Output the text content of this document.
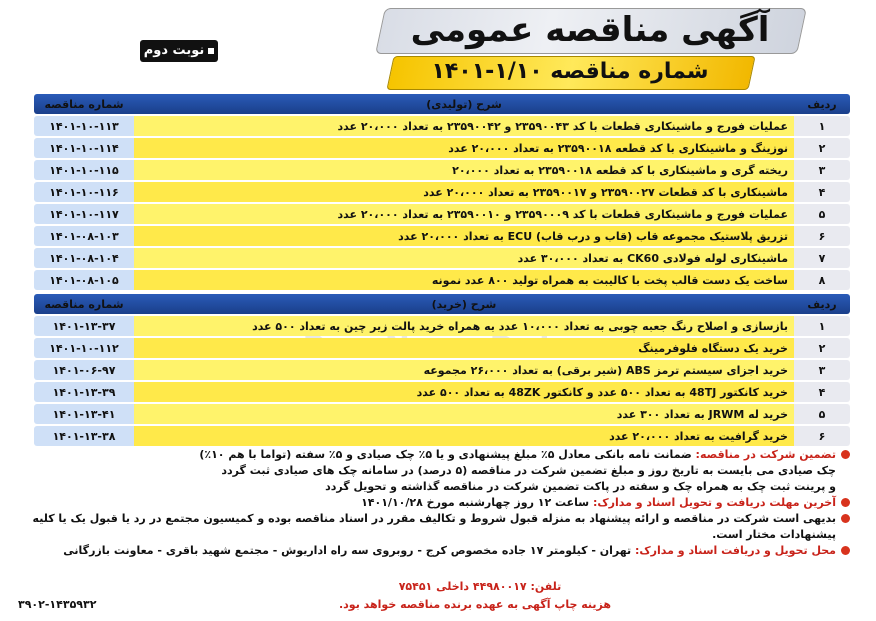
آگهی مناقصه عمومی
شماره مناقصه ۱/۱۰-۱۴۰۱
نوبت دوم
ردیف	شرح (تولیدی)	شماره مناقصه
۱	عملیات فورج و ماشینکاری قطعات با کد ۲۳۵۹۰۰۴۳ و ۲۳۵۹۰۰۴۲ به تعداد ۲۰،۰۰۰ عدد	۱۴۰۱-۱۰-۱۱۳
۲	نوزینگ و ماشینکاری با کد قطعه ۲۳۵۹۰۰۱۸ به تعداد ۲۰،۰۰۰ عدد	۱۴۰۱-۱۰-۱۱۴
۳	ریخته گری و ماشینکاری با کد قطعه ۲۳۵۹۰۰۱۸ به تعداد ۲۰،۰۰۰	۱۴۰۱-۱۰-۱۱۵
۴	ماشینکاری با کد قطعات ۲۳۵۹۰۰۲۷ و ۲۳۵۹۰۰۱۷ به تعداد ۲۰،۰۰۰ عدد	۱۴۰۱-۱۰-۱۱۶
۵	عملیات فورج و ماشینکاری قطعات با کد ۲۳۵۹۰۰۰۹ و ۲۳۵۹۰۰۱۰ به تعداد ۲۰،۰۰۰ عدد	۱۴۰۱-۱۰-۱۱۷
۶	تزریق پلاستیک مجموعه قاب (قاب و درب قاب) ECU به تعداد ۲۰،۰۰۰ عدد	۱۴۰۱-۰۸-۱۰۳
۷	ماشینکاری لوله فولادی CK60 به تعداد ۳۰،۰۰۰ عدد	۱۴۰۱-۰۸-۱۰۴
۸	ساخت یک دست قالب پخت با کالیبت به همراه تولید ۸۰۰ عدد نمونه	۱۴۰۱-۰۸-۱۰۵
ردیف	شرح (خرید)	شماره مناقصه
۱	بازسازی و اصلاح رنگ جعبه چوبی به تعداد ۱۰،۰۰۰ عدد به همراه خرید پالت زیر چین به تعداد ۵۰۰ عدد	۱۴۰۱-۱۳-۳۷
۲	خرید یک دستگاه فلوفرمینگ	۱۴۰۱-۱۰-۱۱۲
۳	خرید اجزای سیستم ترمز ABS (شیر برقی) به تعداد ۲۶،۰۰۰ مجموعه	۱۴۰۱-۰۶-۹۷
۴	خرید کانکتور 48TJ به تعداد ۵۰۰ عدد و کانکتور 48ZK به تعداد ۵۰۰ عدد	۱۴۰۱-۱۳-۳۹
۵	خرید له JRWM به تعداد ۳۰۰ عدد	۱۴۰۱-۱۳-۴۱
۶	خرید گرافیت به تعداد ۲۰،۰۰۰ عدد	۱۴۰۱-۱۳-۳۸
تضمین شرکت در مناقصه: ضمانت نامه بانکی معادل ۵٪ مبلغ پیشنهادی و یا ۵٪ چک صیادی و ۵٪ سفته (تواما با هم ۱۰٪)
چک صیادی می بایست به تاریخ روز و مبلغ تضمین شرکت در مناقصه (۵ درصد) در سامانه چک های صیادی ثبت گردد
و پرینت ثبت چک به همراه چک و سفته در پاکت تضمین شرکت در مناقصه گذاشته و تحویل گردد
آخرین مهلت دریافت و تحویل اسناد و مدارک: ساعت ۱۲ روز چهارشنبه مورخ ۱۴۰۱/۱۰/۲۸
بدیهی است شرکت در مناقصه و ارائه پیشنهاد به منزله قبول شروط و تکالیف مقرر در اسناد مناقصه بوده و کمیسیون مجتمع در رد یا قبول یک یا کلیه پیشنهادات مختار است.
محل تحویل و دریافت اسناد و مدارک: تهران - کیلومتر ۱۷ جاده مخصوص کرج - روبروی سه راه اداریوش - مجتمع شهید باقری - معاونت بازرگانی
تلفن: ۴۴۹۸۰۰۱۷ داخلی ۷۵۴۵۱
هزینه چاپ آگهی به عهده برنده مناقصه خواهد بود.
۳۹۰۲-۱۴۳۵۹۳۲
